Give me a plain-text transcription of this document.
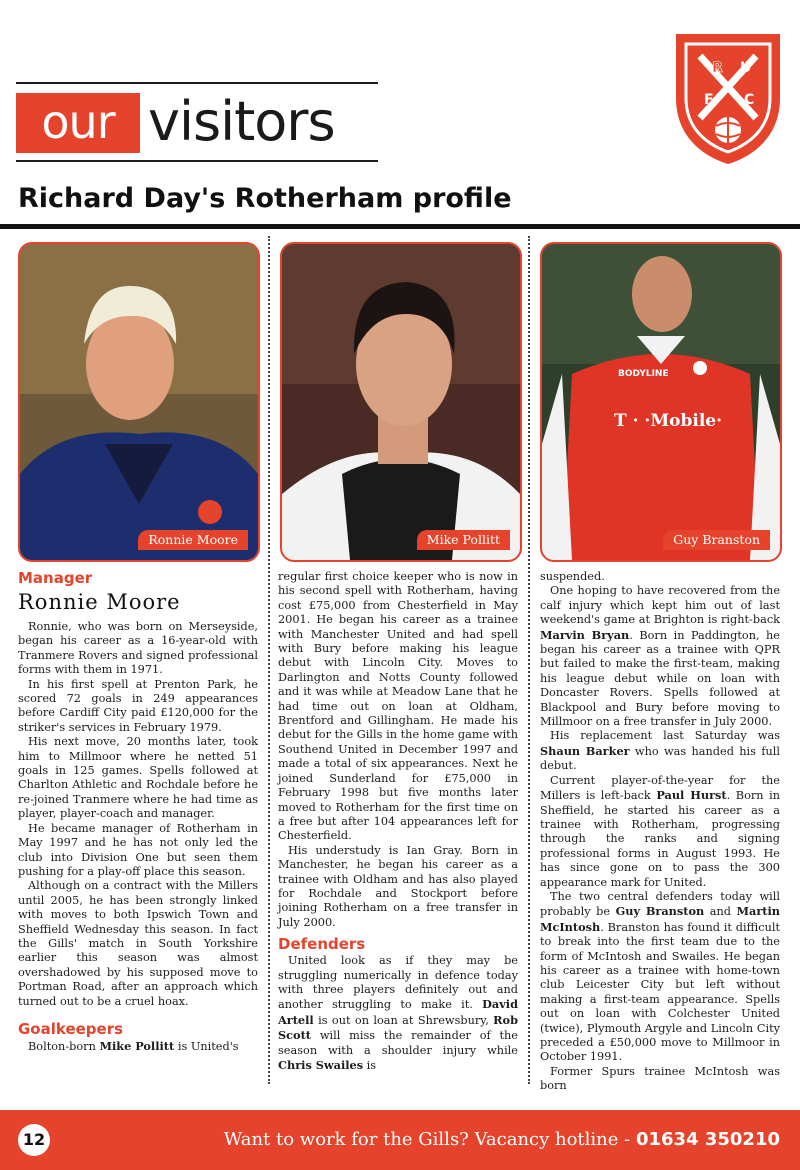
our visitors
R U
F C
Richard Day's Rotherham profile
Ronnie Moore	Mike Pollitt
BODYLINE
T · ·Mobile·
Guy Branston
Manager
Ronnie Moore

Ronnie, who was born on Merseyside, began his career as a 16-year-old with Tranmere Rovers and signed professional forms with them in 1971.

In his first spell at Prenton Park, he scored 72 goals in 249 appearances before Cardiff City paid £120,000 for the striker's services in February 1979.

His next move, 20 months later, took him to Millmoor where he netted 51 goals in 125 games. Spells followed at Charlton Athletic and Rochdale before he re-joined Tranmere where he had time as player, player-coach and manager.

He became manager of Rotherham in May 1997 and he has not only led the club into Division One but seen them pushing for a play-off place this season.

Although on a contract with the Millers until 2005, he has been strongly linked with moves to both Ipswich Town and Sheffield Wednesday this season. In fact the Gills' match in South Yorkshire earlier this season was almost overshadowed by his supposed move to Portman Road, after an approach which turned out to be a cruel hoax.

Goalkeepers

Bolton-born Mike Pollitt is United's

regular first choice keeper who is now in his second spell with Rotherham, having cost £75,000 from Chesterfield in May 2001. He began his career as a trainee with Manchester United and had spell with Bury before making his league debut with Lincoln City. Moves to Darlington and Notts County followed and it was while at Meadow Lane that he had time out on loan at Oldham, Brentford and Gillingham. He made his debut for the Gills in the home game with Southend United in December 1997 and made a total of six appearances. Next he joined Sunderland for £75,000 in February 1998 but five months later moved to Rotherham for the first time on a free but after 104 appearances left for Chesterfield.

His understudy is Ian Gray. Born in Manchester, he began his career as a trainee with Oldham and has also played for Rochdale and Stockport before joining Rotherham on a free transfer in July 2000.

Defenders

United look as if they may be struggling numerically in defence today with three players definitely out and another struggling to make it. David Artell is out on loan at Shrewsbury, Rob Scott will miss the remainder of the season with a shoulder injury while Chris Swailes is

suspended.

One hoping to have recovered from the calf injury which kept him out of last weekend's game at Brighton is right-back Marvin Bryan. Born in Paddington, he began his career as a trainee with QPR but failed to make the first-team, making his league debut while on loan with Doncaster Rovers. Spells followed at Blackpool and Bury before moving to Millmoor on a free transfer in July 2000.

His replacement last Saturday was Shaun Barker who was handed his full debut.

Current player-of-the-year for the Millers is left-back Paul Hurst. Born in Sheffield, he started his career as a trainee with Rotherham, progressing through the ranks and signing professional forms in August 1993. He has since gone on to pass the 300 appearance mark for United.

The two central defenders today will probably be Guy Branston and Martin McIntosh. Branston has found it difficult to break into the first team due to the form of McIntosh and Swailes. He began his career as a trainee with home-town club Leicester City but left without making a first-team appearance. Spells out on loan with Colchester United (twice), Plymouth Argyle and Lincoln City preceded a £50,000 move to Millmoor in October 1991.

Former Spurs trainee McIntosh was born

12	Want to work for the Gills? Vacancy hotline - 01634 350210
